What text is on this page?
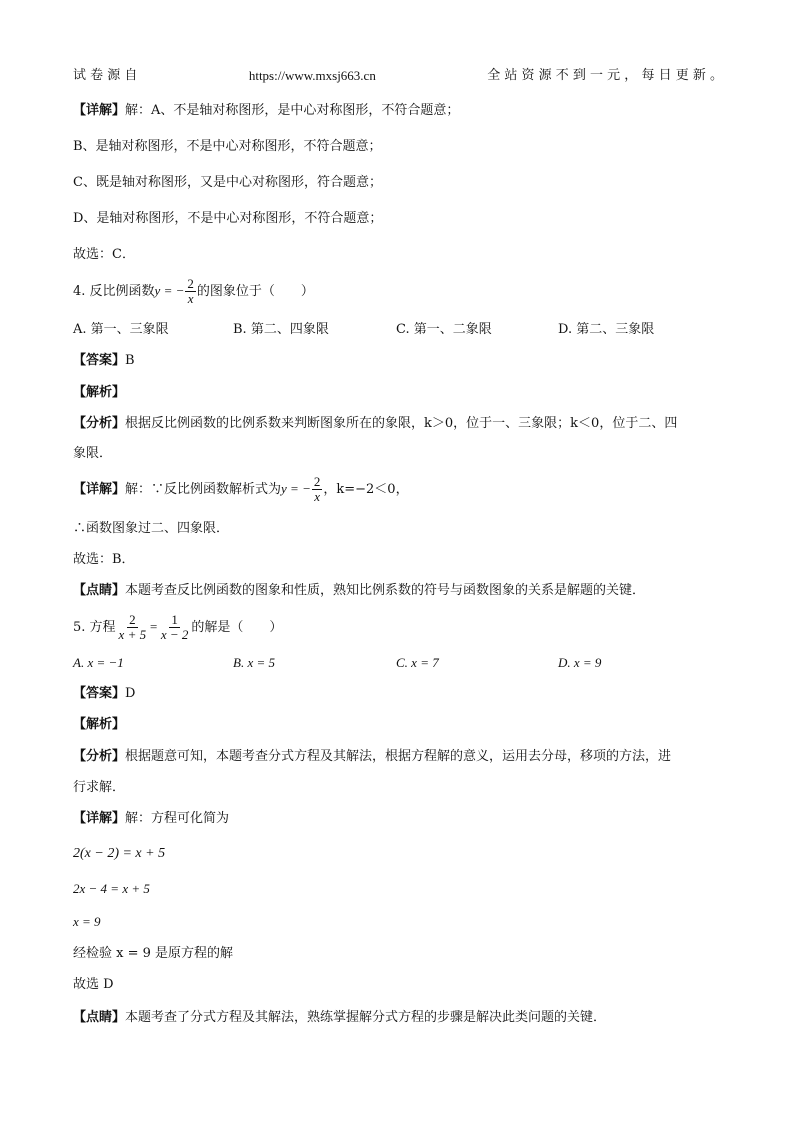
试 卷 源 自	https://www.mxsj663.cn	全 站 资 源 不 到 一 元 ， 每 日 更 新 。
【详解】解：A、不是轴对称图形，是中心对称图形，不符合题意；
B、是轴对称图形，不是中心对称图形，不符合题意；
C、既是轴对称图形，又是中心对称图形，符合题意；
D、是轴对称图形，不是中心对称图形，不符合题意；
故选：C．
4. 反比例函数y = − $\frac{2}{x}$ 的图象位于（　　）
A. 第一、三象限	B. 第二、四象限	C. 第一、二象限	D. 第二、三象限
【答案】B
【解析】
【分析】根据反比例函数的比例系数来判断图象所在的象限，k＞0，位于一、三象限；k＜0，位于二、四
象限．
【详解】解：∵反比例函数解析式为y = − $\frac{2}{x}$ ，k=−2＜0，
∴函数图象过二、四象限．
故选：B．
【点睛】本题考查反比例函数的图象和性质，熟知比例系数的符号与函数图象的关系是解题的关键．
5. 方程 $\frac{2}{x + 5} = \frac{1}{x - 2}$ 的解是（　　）
A. x = −1	B. x = 5	C. x = 7	D. x = 9
【答案】D
【解析】
【分析】根据题意可知，本题考查分式方程及其解法，根据方程解的意义，运用去分母，移项的方法，进
行求解．
【详解】解：方程可化简为
2(x − 2) = x + 5
2x − 4 = x + 5
x = 9
经检验 x = 9 是原方程的解
故选 D
【点睛】本题考查了分式方程及其解法，熟练掌握解分式方程的步骤是解决此类问题的关键．
